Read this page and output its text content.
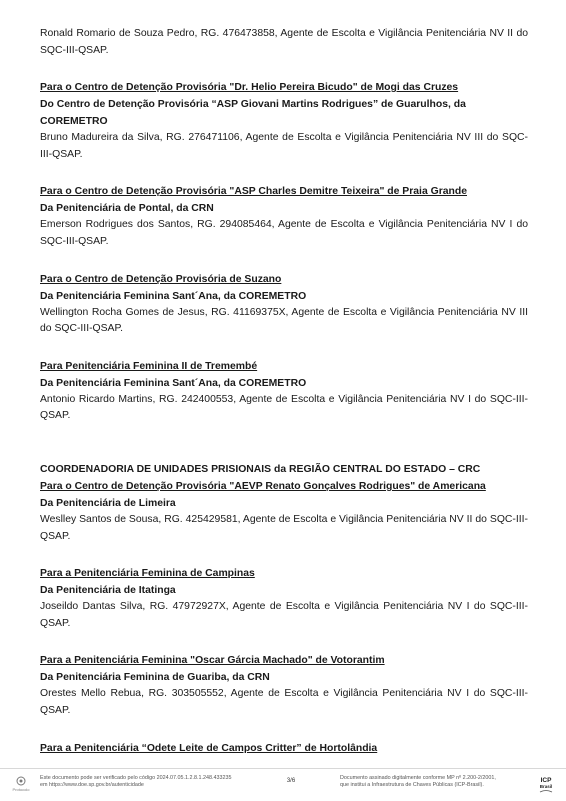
Ronald Romario de Souza Pedro, RG. 476473858, Agente de Escolta e Vigilância Penitenciária NV II do SQC-III-QSAP.

Para o Centro de Detenção Provisória "Dr. Helio Pereira Bicudo" de Mogi das Cruzes

Do Centro de Detenção Provisória “ASP Giovani Martins Rodrigues” de Guarulhos, da COREMETRO

Bruno Madureira da Silva, RG. 276471106, Agente de Escolta e Vigilância Penitenciária NV III do SQC-III-QSAP.

Para o Centro de Detenção Provisória "ASP Charles Demitre Teixeira" de Praia Grande

Da Penitenciária de Pontal, da CRN

Emerson Rodrigues dos Santos, RG. 294085464, Agente de Escolta e Vigilância Penitenciária NV I do SQC-III-QSAP.

Para o Centro de Detenção Provisória de Suzano

Da Penitenciária Feminina Sant´Ana, da COREMETRO

Wellington Rocha Gomes de Jesus, RG. 41169375X, Agente de Escolta e Vigilância Penitenciária NV III do SQC-III-QSAP.

Para Penitenciária Feminina II de Tremembé

Da Penitenciária Feminina Sant´Ana, da COREMETRO

Antonio Ricardo Martins, RG. 242400553, Agente de Escolta e Vigilância Penitenciária NV I do SQC-III-QSAP.

COORDENADORIA DE UNIDADES PRISIONAIS da REGIÃO CENTRAL DO ESTADO – CRC

Para o Centro de Detenção Provisória "AEVP Renato Gonçalves Rodrigues" de Americana

Da Penitenciária de Limeira

Weslley Santos de Sousa, RG. 425429581, Agente de Escolta e Vigilância Penitenciária NV II do SQC-III-QSAP.

Para a Penitenciária Feminina de Campinas

Da Penitenciária de Itatinga

Joseildo Dantas Silva, RG. 47972927X, Agente de Escolta e Vigilância Penitenciária NV I do SQC-III-QSAP.

Para a Penitenciária Feminina "Oscar Gárcia Machado" de Votorantim

Da Penitenciária Feminina de Guariba, da CRN

Orestes Mello Rebua, RG. 303505552, Agente de Escolta e Vigilância Penitenciária NV I do SQC-III-QSAP.

Para a Penitenciária “Odete Leite de Campos Critter” de Hortolândia

Protocolo
Este documento pode ser verificado pelo código 2024.07.05.1.2.8.1.248.433235
em https://www.doe.sp.gov.br/autenticidade
3/6	Documento assinado digitalmente conforme MP nº 2.200-2/2001,
que institui a Infraestrutura de Chaves Públicas (ICP-Brasil).
ICP
Brasil
